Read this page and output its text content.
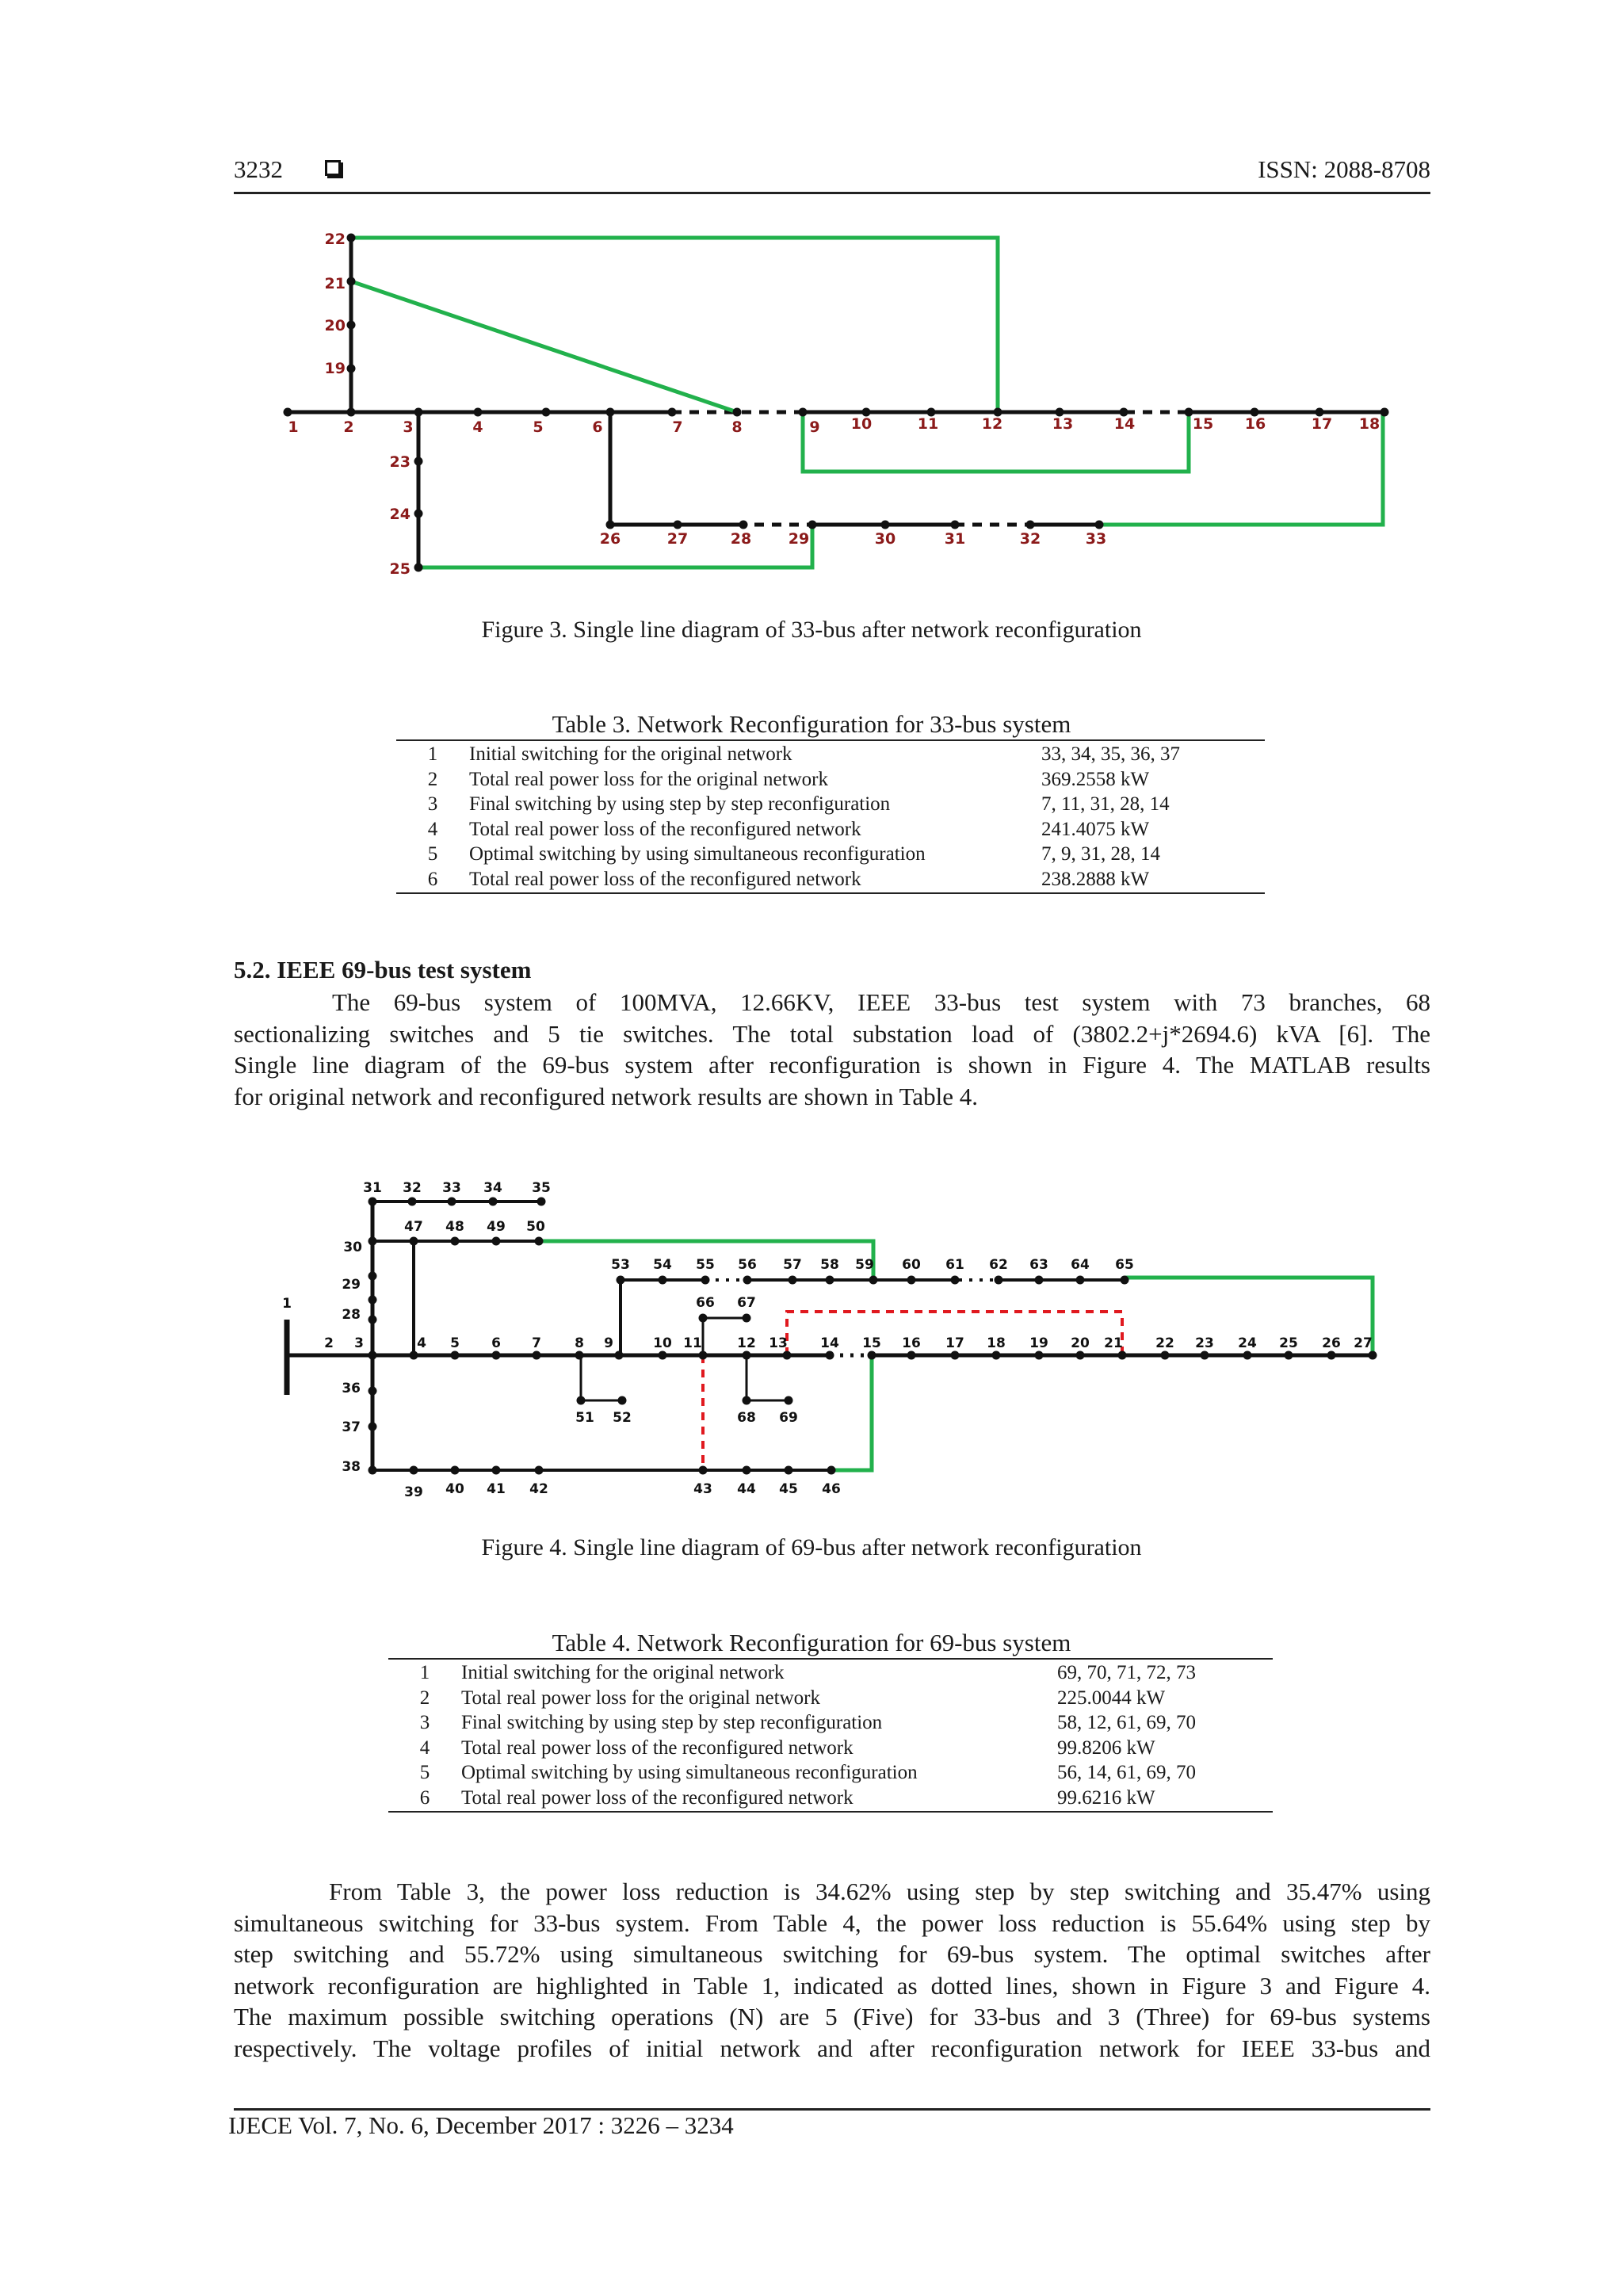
3232	ISSN: 2088-8708
1	2	3	4	5	6	7	8	9 10	11	12	13	14	15 16	17 18
19
20
21
22
23
24
25
26	27	28 29	30	31	32	33
Figure 3. Single line diagram of 33-bus after network reconfiguration
Table 3. Network Reconfiguration for 33-bus system
1	Initial switching for the original network	33, 34, 35, 36, 37
2	Total real power loss for the original network	369.2558 kW
3	Final switching by using step by step reconfiguration	7, 11, 31, 28, 14
4	Total real power loss of the reconfigured network	241.4075 kW
5	Optimal switching by using simultaneous reconfiguration	7, 9, 31, 28, 14
6	Total real power loss of the reconfigured network	238.2888 kW
5.2. IEEE 69-bus test system
The 69-bus system of 100MVA, 12.66KV, IEEE 33-bus test system with 73 branches, 68
sectionalizing switches and 5 tie switches. The total substation load of (3802.2+j*2694.6) kVA [6]. The
Single line diagram of the 69-bus system after reconfiguration is shown in Figure 4. The MATLAB results
for original network and reconfigured network results are shown in Table 4.
1
2 3	4 5 6 7 8 9	10 11	12 13 14 15 16 17 18 19 20 21 22 23 24 25 26 27
28
29
30
31 32 33 34 35
36
37
38
39 40 41 42	43 44 45 46
47 48 49 50
51 52
53 54 55 56 57 58 59 60 61 62 63 64 65
66 67
68 69
Figure 4. Single line diagram of 69-bus after network reconfiguration
Table 4. Network Reconfiguration for 69-bus system
1	Initial switching for the original network	69, 70, 71, 72, 73
2	Total real power loss for the original network	225.0044 kW
3	Final switching by using step by step reconfiguration	58, 12, 61, 69, 70
4	Total real power loss of the reconfigured network	99.8206 kW
5	Optimal switching by using simultaneous reconfiguration	56, 14, 61, 69, 70
6	Total real power loss of the reconfigured network	99.6216 kW
From Table 3, the power loss reduction is 34.62% using step by step switching and 35.47% using
simultaneous switching for 33-bus system. From Table 4, the power loss reduction is 55.64% using step by
step switching and 55.72% using simultaneous switching for 69-bus system. The optimal switches after
network reconfiguration are highlighted in Table 1, indicated as dotted lines, shown in Figure 3 and Figure 4.
The maximum possible switching operations (N) are 5 (Five) for 33-bus and 3 (Three) for 69-bus systems
respectively. The voltage profiles of initial network and after reconfiguration network for IEEE 33-bus and
IJECE Vol. 7, No. 6, December 2017 : 3226 – 3234
